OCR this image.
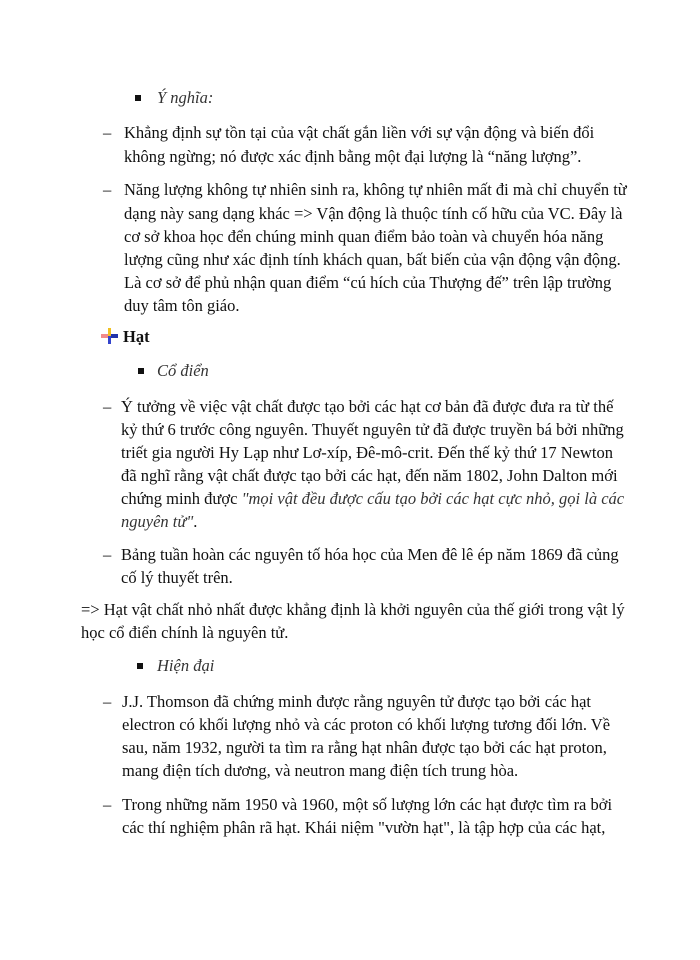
Ý nghĩa:
– Khẳng định sự tồn tại của vật chất gắn liền với sự vận động và biến đổi
không ngừng; nó được xác định bằng một đại lượng là “năng lượng”.
– Năng lượng không tự nhiên sinh ra, không tự nhiên mất đi mà chỉ chuyển từ
dạng này sang dạng khác => Vận động là thuộc tính cố hữu của VC. Đây là
cơ sở khoa học đển chúng minh quan điểm bảo toàn và chuyển hóa năng
lượng cũng như xác định tính khách quan, bất biến của vận động vận động.
Là cơ sở để phủ nhận quan điểm “cú hích của Thượng đế” trên lập trường
duy tâm tôn giáo.
Hạt
Cổ điển
– Ý tưởng về việc vật chất được tạo bởi các hạt cơ bản đã được đưa ra từ thế
kỷ thứ 6 trước công nguyên. Thuyết nguyên tử đã được truyền bá bởi những
triết gia người Hy Lạp như Lơ-xíp, Đê-mô-crit. Đến thế kỷ thứ 17 Newton
đã nghĩ rằng vật chất được tạo bởi các hạt, đến năm 1802, John Dalton mới
chứng minh được "mọi vật đều được cấu tạo bởi các hạt cực nhỏ, gọi là các
nguyên tử".
– Bảng tuần hoàn các nguyên tố hóa học của Men đê lê ép năm 1869 đã củng
cố lý thuyết trên.
=> Hạt vật chất nhỏ nhất được khẳng định là khởi nguyên của thế giới trong vật lý
học cổ điển chính là nguyên tử.
Hiện đại
– J.J. Thomson đã chứng minh được rằng nguyên tử được tạo bởi các hạt
electron có khối lượng nhỏ và các proton có khối lượng tương đối lớn. Về
sau, năm 1932, người ta tìm ra rằng hạt nhân được tạo bởi các hạt proton,
mang điện tích dương, và neutron mang điện tích trung hòa.
– Trong những năm 1950 và 1960, một số lượng lớn các hạt được tìm ra bởi
các thí nghiệm phân rã hạt. Khái niệm "vườn hạt", là tập hợp của các hạt,
